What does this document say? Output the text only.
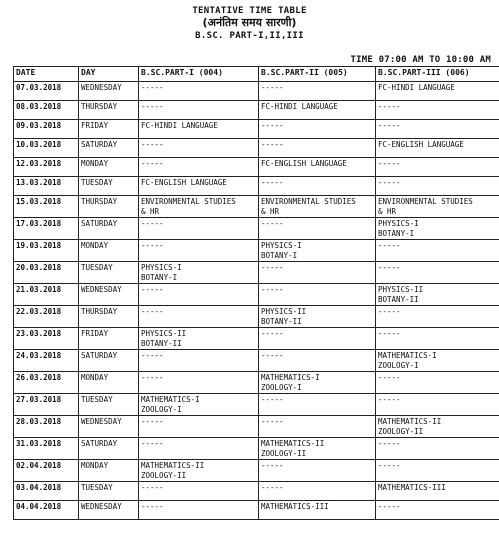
TENTATIVE TIME TABLE
(अनंतिम समय सारणी)
B.SC. PART-I,II,III
TIME 07:00 AM TO 10:00 AM
DATE	DAY	B.SC.PART-I (004)	B.SC.PART-II (005)	B.SC.PART-III (006)
07.03.2018	WEDNESDAY	-----	-----	FC-HINDI LANGUAGE

08.03.2018	THURSDAY	-----	FC-HINDI LANGUAGE	-----

09.03.2018	FRIDAY	FC-HINDI LANGUAGE	-----	-----

10.03.2018	SATURDAY	-----	-----	FC-ENGLISH LANGUAGE

12.03.2018	MONDAY	-----	FC-ENGLISH LANGUAGE	-----

13.03.2018	TUESDAY	FC-ENGLISH LANGUAGE	-----	-----

15.03.2018	THURSDAY	ENVIRONMENTAL STUDIES
& HR	ENVIRONMENTAL STUDIES
& HR	ENVIRONMENTAL STUDIES
& HR

17.03.2018	SATURDAY	-----	-----	PHYSICS-I
BOTANY-I

19.03.2018	MONDAY	-----	PHYSICS-I
BOTANY-I	-----

20.03.2018	TUESDAY	PHYSICS-I
BOTANY-I	-----	-----

21.03.2018	WEDNESDAY	-----	-----	PHYSICS-II
BOTANY-II

22.03.2018	THURSDAY	-----	PHYSICS-II
BOTANY-II	-----

23.03.2018	FRIDAY	PHYSICS-II
BOTANY-II	-----	-----

24.03.2018	SATURDAY	-----	-----	MATHEMATICS-I
ZOOLOGY-I

26.03.2018	MONDAY	-----	MATHEMATICS-I
ZOOLOGY-I	-----

27.03.2018	TUESDAY	MATHEMATICS-I
ZOOLOGY-I	-----	-----

28.03.2018	WEDNESDAY	-----	-----	MATHEMATICS-II
ZOOLOGY-II

31.03.2018	SATURDAY	-----	MATHEMATICS-II
ZOOLOGY-II	-----

02.04.2018	MONDAY	MATHEMATICS-II
ZOOLOGY-II	-----	-----

03.04.2018	TUESDAY	-----	-----	MATHEMATICS-III

04.04.2018	WEDNESDAY	-----	MATHEMATICS-III	-----
